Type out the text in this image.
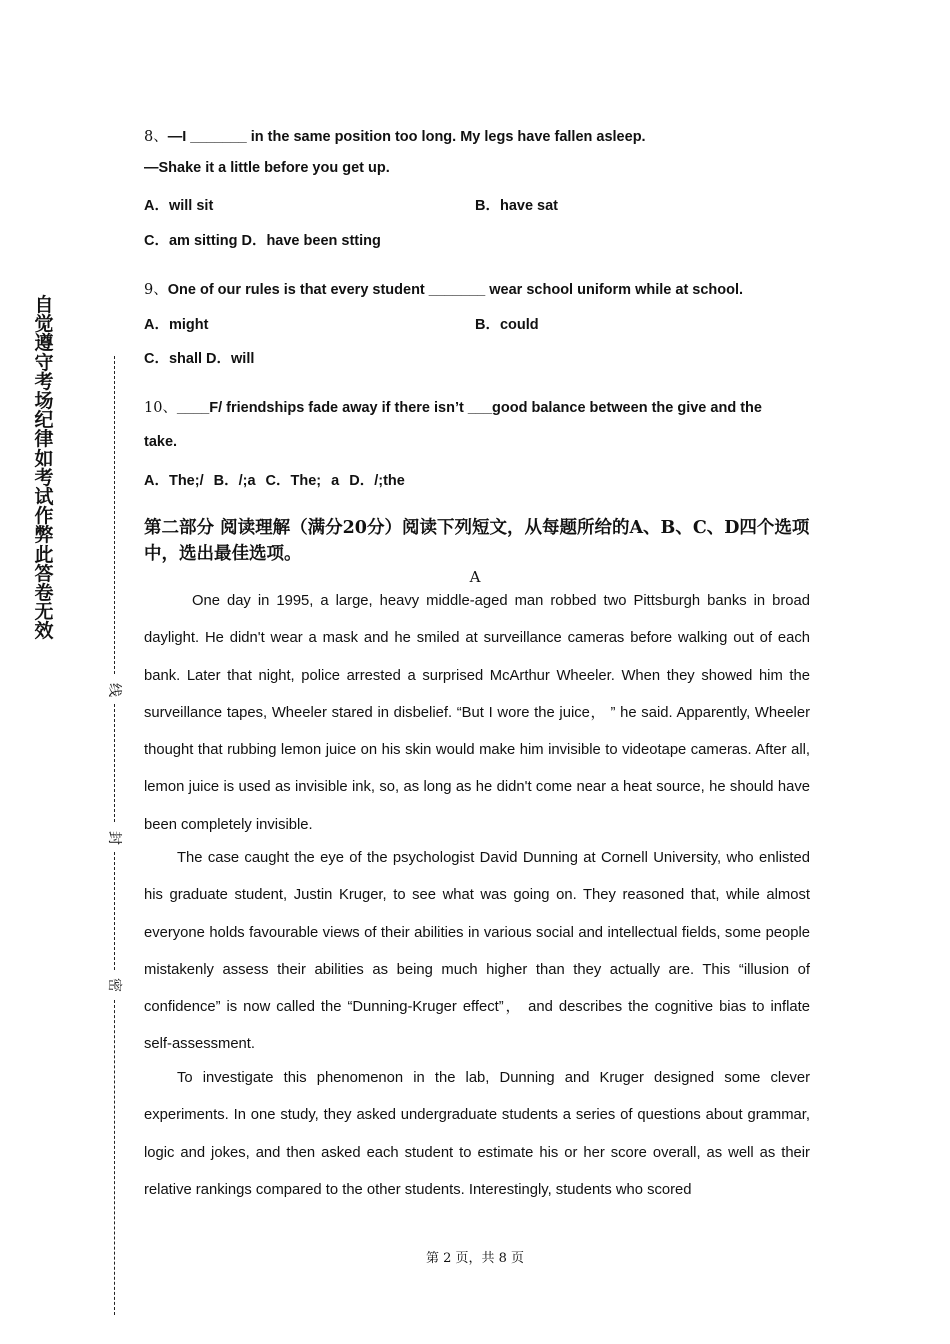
自觉遵守考场纪律如考试作弊此答卷无效
线
封
密
8、—I _______ in the same position too long. My legs have fallen asleep.
—Shake it a little before you get up.
A．will sit	B．have sat
C．am sitting D．have been stting
9、One of our rules is that every student _______ wear school uniform while at school.
A．might	B．could
C．shall D．will
10、____F/ friendships fade away if there isn’t ___good balance between the give and the
take.
A．The;/ B．/;a C．The; a D．/;the
第二部分 阅读理解（满分20分）阅读下列短文，从每题所给的A、B、C、D四个选项中，选出最佳选项。
A
One day in 1995, a large, heavy middle-aged man robbed two Pittsburgh banks in broad daylight. He didn't wear a mask and he smiled at surveillance cameras before walking out of each bank. Later that night, police arrested a surprised McArthur Wheeler. When they showed him the surveillance tapes, Wheeler stared in disbelief. “But I wore the juice， ” he said. Apparently, Wheeler thought that rubbing lemon juice on his skin would make him invisible to videotape cameras. After all, lemon juice is used as invisible ink, so, as long as he didn't come near a heat source, he should have been completely invisible.
The case caught the eye of the psychologist David Dunning at Cornell University, who enlisted his graduate student, Justin Kruger, to see what was going on. They reasoned that, while almost everyone holds favourable views of their abilities in various social and intellectual fields, some people mistakenly assess their abilities as being much higher than they actually are. This “illusion of confidence” is now called the “Dunning-Kruger effect”， and describes the cognitive bias to inflate self-assessment.
To investigate this phenomenon in the lab, Dunning and Kruger designed some clever experiments. In one study, they asked undergraduate students a series of questions about grammar, logic and jokes, and then asked each student to estimate his or her score overall, as well as their relative rankings compared to the other students. Interestingly, students who scored
第 2 页，共 8 页
